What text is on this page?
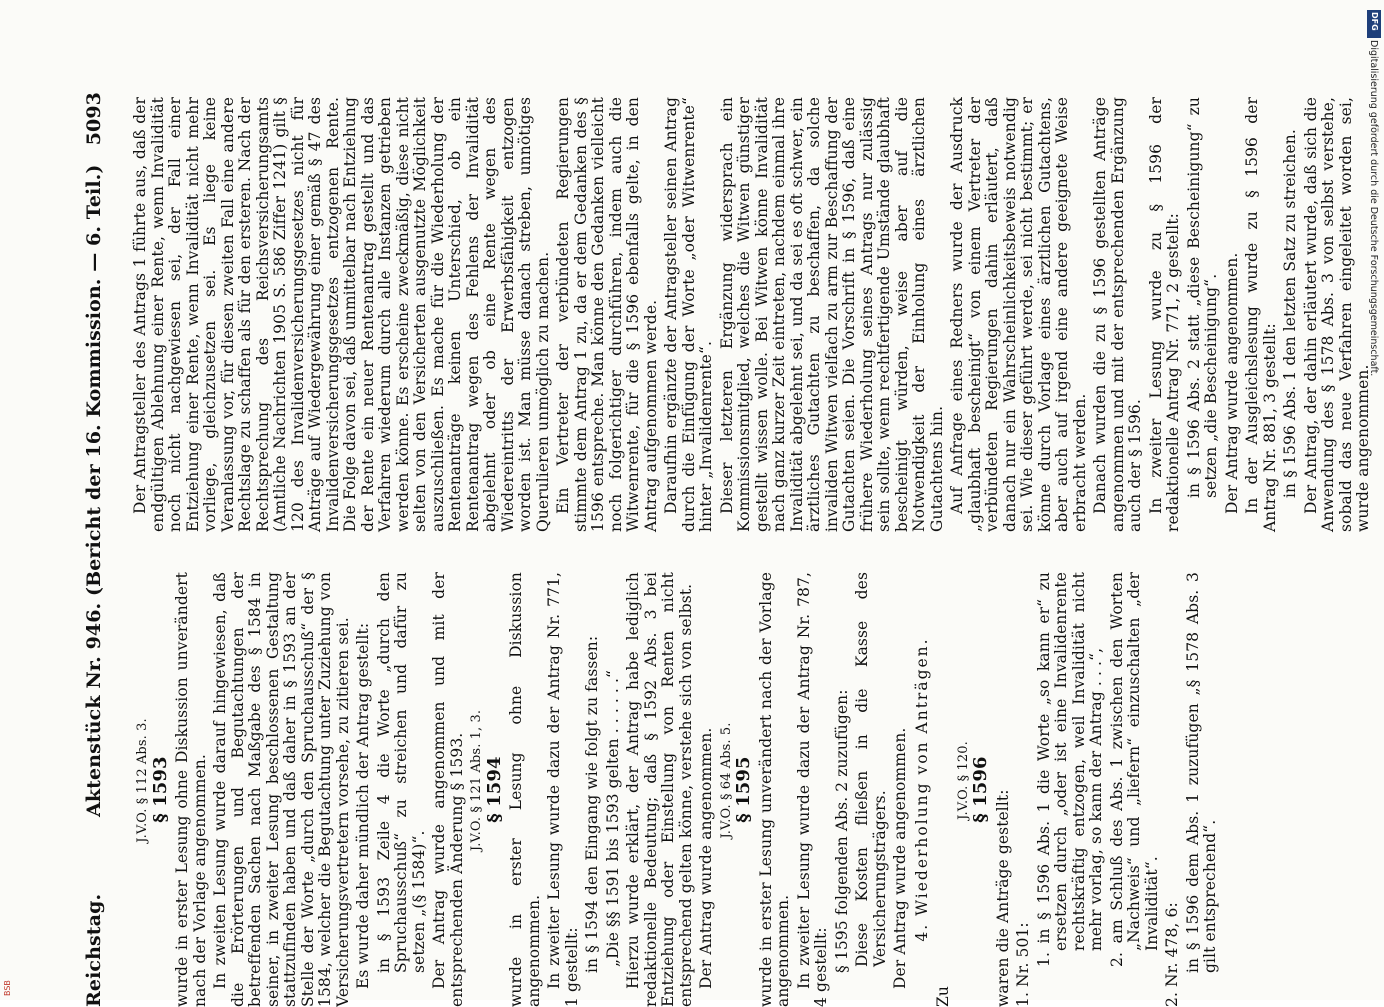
Reichstag.
Aktenstück Nr. 946. (Bericht der 16. Kommission. — 6. Teil.)
5093

J.V.O. § 112 Abs. 3. § 1593 wurde in erster Lesung ohne Diskussion unverändert nach der Vorlage angenommen. In zweiten Lesung wurde darauf hingewiesen, daß die Erörterungen und Begutachtungen der betreffenden Sachen nach Maßgabe des § 1584 in seiner, in zweiter Lesung beschlossenen Gestaltung stattzufinden haben und daß daher in § 1593 an der Stelle der Worte „durch den Spruchausschuß“ der § 1584, welcher die Begutachtung unter Zuziehung von Versicherungsvertretern vorsehe, zu zitieren sei. Es wurde daher mündlich der Antrag gestellt: in § 1593 Zeile 4 die Worte „durch den Spruchausschuß“ zu streichen und dafür zu setzen „(§ 1584)“. Der Antrag wurde angenommen und mit der entsprechenden Änderung § 1593. J.V.O. § 121 Abs. 1, 3. § 1594 wurde in erster Lesung ohne Diskussion angenommen. In zweiter Lesung wurde dazu der Antrag Nr. 771, 1 gestellt: in § 1594 den Eingang wie folgt zu fassen: „Die §§ 1591 bis 1593 gelten . . . . . .“ Hierzu wurde erklärt, der Antrag habe lediglich redaktionelle Bedeutung; daß § 1592 Abs. 3 bei Entziehung oder Einstellung von Renten nicht entsprechend gelten könne, verstehe sich von selbst. Der Antrag wurde angenommen. J.V.O. § 64 Abs. 5. § 1595 wurde in erster Lesung unverändert nach der Vorlage angenommen. In zweiter Lesung wurde dazu der Antrag Nr. 787, 4 gestellt: § 1595 folgenden Abs. 2 zuzufügen: Diese Kosten fließen in die Kasse des Versicherungsträgers. Der Antrag wurde angenommen. 4. Wiederholung von Anträgen.

Zu

J.V.O. § 120. § 1596 waren die Anträge gestellt: 1. Nr. 501: 1. in § 1596 Abs. 1 die Worte „so kann er“ zu ersetzen durch „oder ist eine Invalidenrente rechtskräftig entzogen, weil Invalidität nicht mehr vorlag, so kann der Antrag . . .“, 2. am Schluß des Abs. 1 zwischen den Worten „Nachweis“ und „liefern“ einzuschalten „der Invalidität“. 2. Nr. 478, 6: in § 1596 dem Abs. 1 zuzufügen „§ 1578 Abs. 3 gilt entsprechend“.

Der Antragsteller des Antrags 1 führte aus, daß der endgültigen Ablehnung einer Rente, wenn Invalidität noch nicht nachgewiesen sei, der Fall einer Entziehung einer Rente, wenn Invalidität nicht mehr vorliege, gleichzusetzen sei. Es liege keine Veranlassung vor, für diesen zweiten Fall eine andere Rechtslage zu schaffen als für den ersteren. Nach der Rechtsprechung des Reichsversicherungsamts (Amtliche Nachrichten 1905 S. 586 Ziffer 1241) gilt § 120 des Invalidenversicherungsgesetzes nicht für Anträge auf Wiedergewährung einer gemäß § 47 des Invalidenversicherungsgesetzes entzogenen Rente. Die Folge davon sei, daß unmittelbar nach Entziehung der Rente ein neuer Rentenantrag gestellt und das Verfahren wiederum durch alle Instanzen getrieben werden könne. Es erscheine zweckmäßig, diese nicht selten von den Versicherten ausgenutzte Möglichkeit auszuschließen. Es mache für die Wiederholung der Rentenanträge keinen Unterschied, ob ein Rentenantrag wegen des Fehlens der Invalidität abgelehnt oder ob eine Rente wegen des Wiedereintritts der Erwerbsfähigkeit entzogen worden ist. Man müsse danach streben, unnötiges Querulieren unmöglich zu machen. Ein Vertreter der verbündeten Regierungen stimmte dem Antrag 1 zu, da er dem Gedanken des § 1596 entspreche. Man könne den Gedanken vielleicht noch folgerichtiger durchführen, indem auch die Witwenrente, für die § 1596 ebenfalls gelte, in den Antrag aufgenommen werde. Daraufhin ergänzte der Antragsteller seinen Antrag durch die Einfügung der Worte „oder Witwenrente“ hinter „Invalidenrente“. Dieser letzteren Ergänzung widersprach ein Kommissionsmitglied, welches die Witwen günstiger gestellt wissen wolle. Bei Witwen könne Invalidität nach ganz kurzer Zeit eintreten, nachdem einmal ihre Invalidität abgelehnt sei, und da sei es oft schwer, ein ärztliches Gutachten zu beschaffen, da solche invaliden Witwen vielfach zu arm zur Beschaffung der Gutachten seien. Die Vorschrift in § 1596, daß eine frühere Wiederholung seines Antrags nur zulässig sein sollte, wenn rechtfertigende Umstände glaubhaft bescheinigt würden, weise aber auf die Notwendigkeit der Einholung eines ärztlichen Gutachtens hin. Auf Anfrage eines Redners wurde der Ausdruck „glaubhaft bescheinigt“ von einem Vertreter der verbündeten Regierungen dahin erläutert, daß danach nur ein Wahrscheinlichkeitsbeweis notwendig sei. Wie dieser geführt werde, sei nicht bestimmt; er könne durch Vorlage eines ärztlichen Gutachtens, aber auch auf irgend eine andere geeignete Weise erbracht werden. Danach wurden die zu § 1596 gestellten Anträge angenommen und mit der entsprechenden Ergänzung auch der § 1596. In zweiter Lesung wurde zu § 1596 der redaktionelle Antrag Nr. 771, 2 gestellt: in § 1596 Abs. 2 statt „diese Bescheinigung“ zu setzen „die Bescheinigung“. Der Antrag wurde angenommen. In der Ausgleichslesung wurde zu § 1596 der Antrag Nr. 881, 3 gestellt: in § 1596 Abs. 1 den letzten Satz zu streichen. Der Antrag, der dahin erläutert wurde, daß sich die Anwendung des § 1578 Abs. 3 von selbst verstehe, sobald das neue Verfahren eingeleitet worden sei, wurde angenommen.

DFG
Digitalisierung gefördert durch die Deutsche Forschungsgemeinschaft.
BSB
